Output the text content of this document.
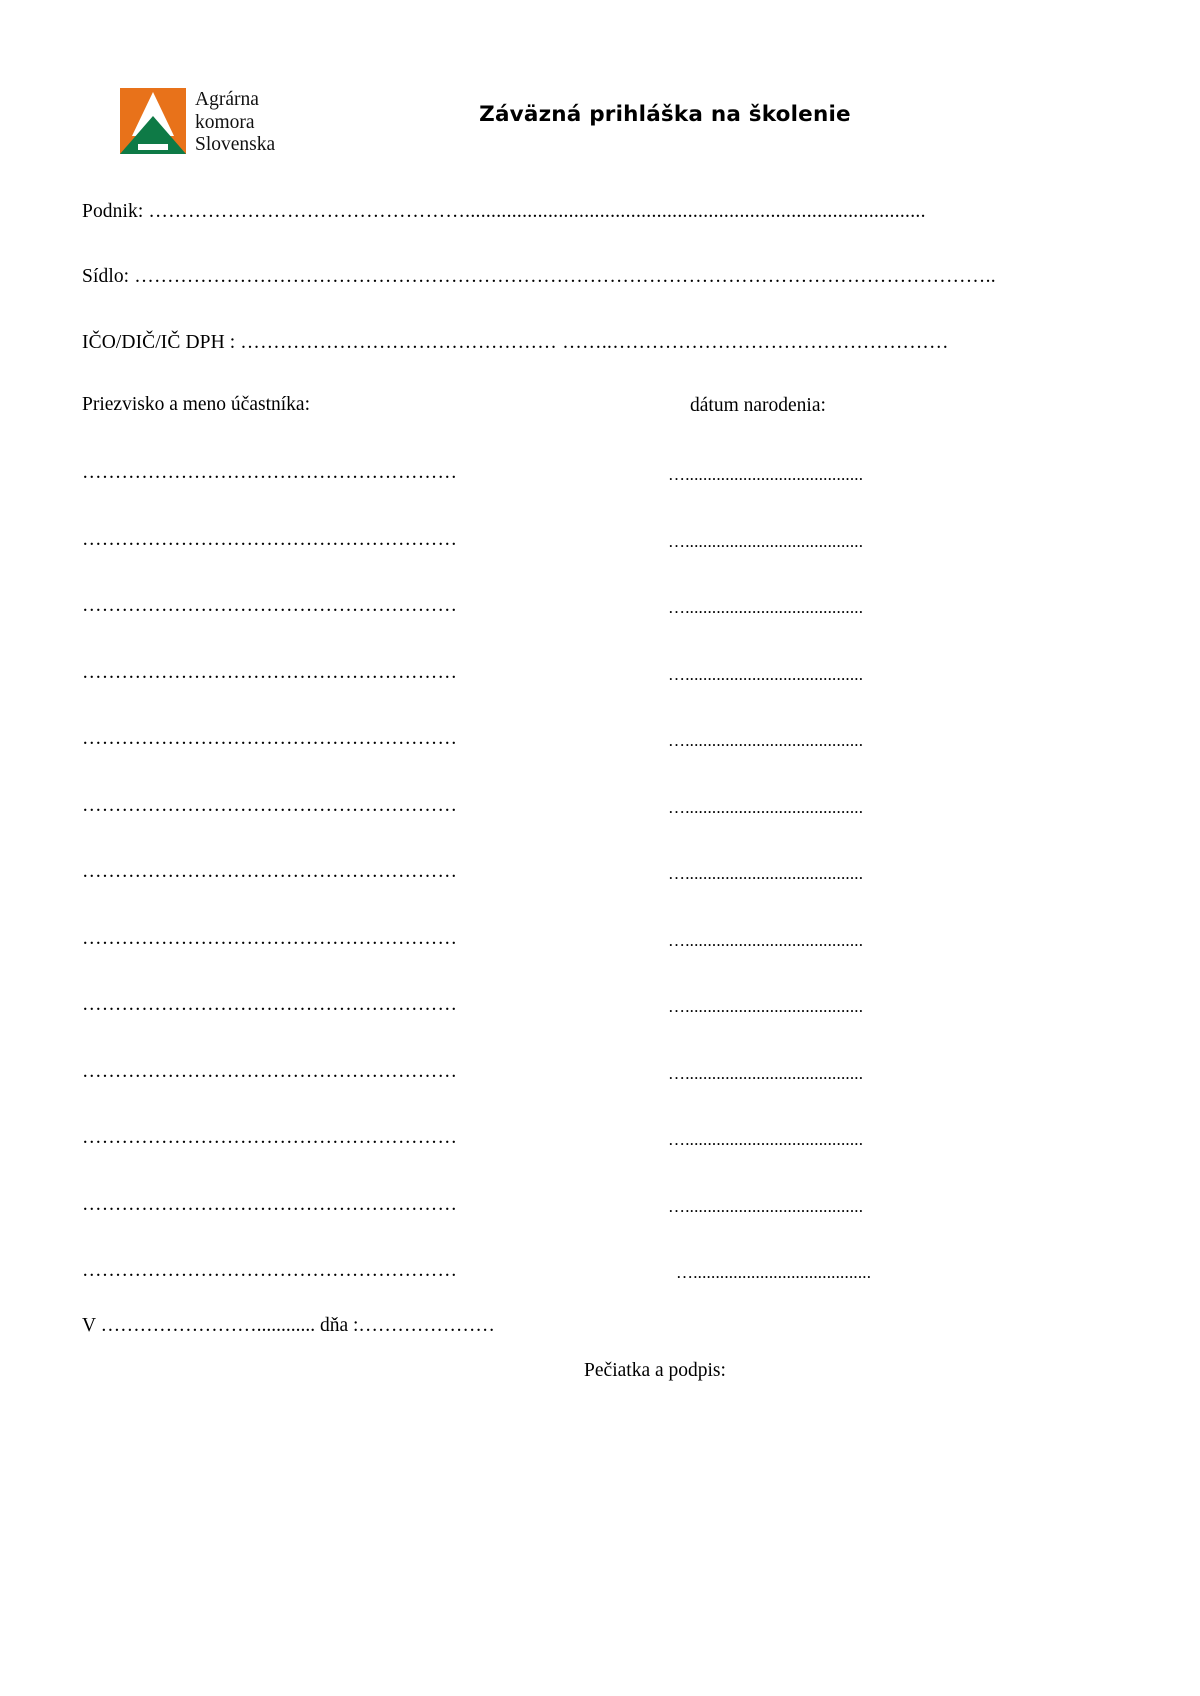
Agrárna
komora
Slovenska
Záväzná prihláška na školenie
Podnik: ………………………………………….........................................................................................
Sídlo: …………………………………………………………………………………………………………………..
IČO/DIČ/IČ DPH : ………………………………………… ……..……………………………………………
Priezvisko a meno účastníka:	dátum narodenia:
…………………………………………………	…........................................
…………………………………………………	…........................................
…………………………………………………	…........................................
…………………………………………………	…........................................
…………………………………………………	…........................................
…………………………………………………	…........................................
…………………………………………………	…........................................
…………………………………………………	…........................................
…………………………………………………	…........................................
…………………………………………………	…........................................
…………………………………………………	…........................................
…………………………………………………	…........................................
…………………………………………………	…........................................
V ……………………............ dňa :…………………
Pečiatka a podpis:
